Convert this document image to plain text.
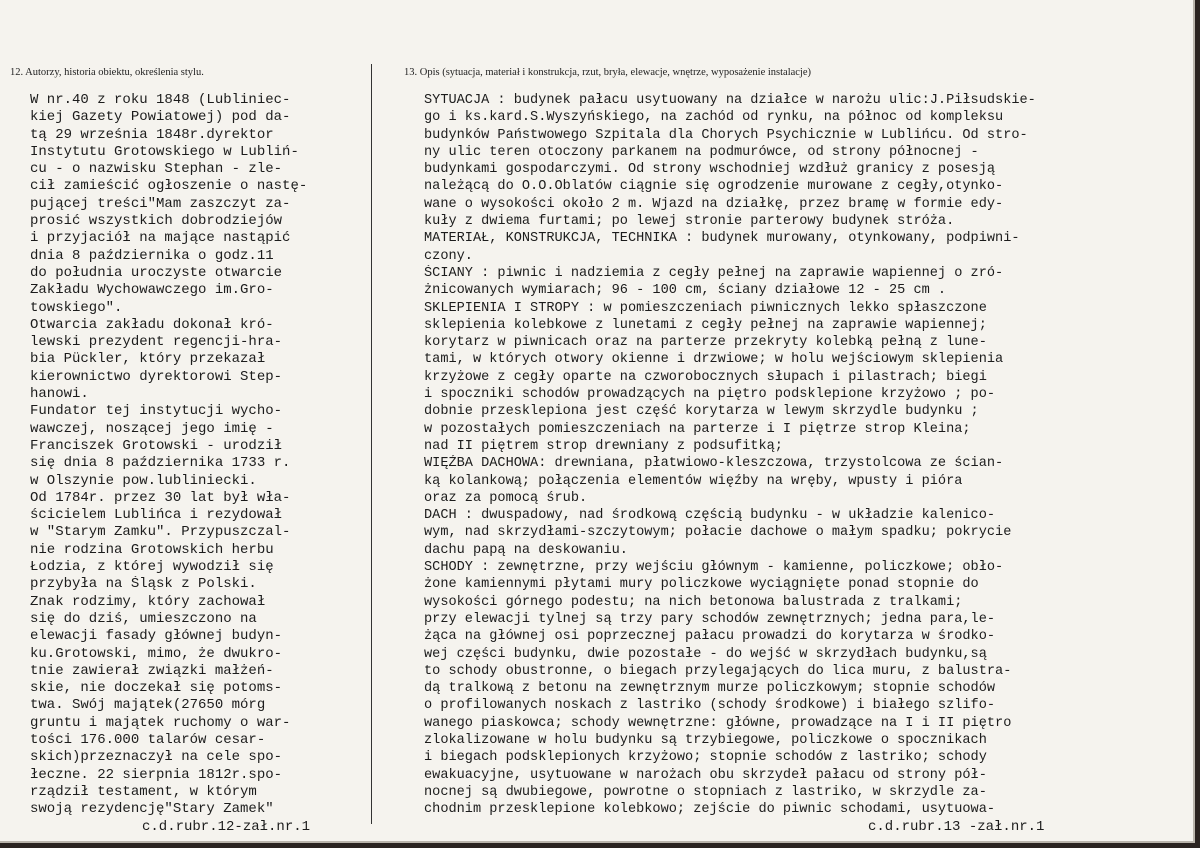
12. Autorzy, historia obiektu, określenia stylu.	13. Opis (sytuacja, materiał i konstrukcja, rzut, bryła, elewacje, wnętrze, wyposażenie instalacje)
W nr.40 z roku 1848 (Lubliniec-
kiej Gazety Powiatowej) pod da-
tą 29 września 1848r.dyrektor
Instytutu Grotowskiego w Lubliń-
cu - o nazwisku Stephan - zle-
cił zamieścić ogłoszenie o nastę-
pującej treści"Mam zaszczyt za-
prosić wszystkich dobrodziejów
i przyjaciół na mające nastąpić
dnia 8 października o godz.11
do południa uroczyste otwarcie
Zakładu Wychowawczego im.Gro-
towskiego".
Otwarcia zakładu dokonał kró-
lewski prezydent regencji-hra-
bia Pückler, który przekazał
kierownictwo dyrektorowi Step-
hanowi.
Fundator tej instytucji wycho-
wawczej, noszącej jego imię -
Franciszek Grotowski - urodził
się dnia 8 października 1733 r.
w Olszynie pow.lubliniecki.
Od 1784r. przez 30 lat był wła-
ścicielem Lublińca i rezydował
w "Starym Zamku". Przypuszczal-
nie rodzina Grotowskich herbu
Łodzia, z której wywodził się
przybyła na Śląsk z Polski.
Znak rodzimy, który zachował
się do dziś, umieszczono na
elewacji fasady głównej budyn-
ku.Grotowski, mimo, że dwukro-
tnie zawierał związki małżeń-
skie, nie doczekał się potoms-
twa. Swój majątek(27650 mórg
gruntu i majątek ruchomy o war-
tości 176.000 talarów cesar-
skich)przeznaczył na cele spo-
łeczne. 22 sierpnia 1812r.spo-
rządził testament, w którym
swoją rezydencję"Stary Zamek"
SYTUACJA : budynek pałacu usytuowany na działce w narożu ulic:J.Piłsudskie-
go i ks.kard.S.Wyszyńskiego, na zachód od rynku, na północ od kompleksu
budynków Państwowego Szpitala dla Chorych Psychicznie w Lublińcu. Od stro-
ny ulic teren otoczony parkanem na podmurówce, od strony północnej -
budynkami gospodarczymi. Od strony wschodniej wzdłuż granicy z posesją
należącą do O.O.Oblatów ciągnie się ogrodzenie murowane z cegły,otynko-
wane o wysokości około 2 m. Wjazd na działkę, przez bramę w formie edy-
kuły z dwiema furtami; po lewej stronie parterowy budynek stróża.
MATERIAŁ, KONSTRUKCJA, TECHNIKA : budynek murowany, otynkowany, podpiwni-
czony.
ŚCIANY : piwnic i nadziemia z cegły pełnej na zaprawie wapiennej o zró-
żnicowanych wymiarach; 96 - 100 cm, ściany działowe 12 - 25 cm .
SKLEPIENIA I STROPY : w pomieszczeniach piwnicznych lekko spłaszczone
sklepienia kolebkowe z lunetami z cegły pełnej na zaprawie wapiennej;
korytarz w piwnicach oraz na parterze przekryty kolebką pełną z lune-
tami, w których otwory okienne i drzwiowe; w holu wejściowym sklepienia
krzyżowe z cegły oparte na czworobocznych słupach i pilastrach; biegi
i spoczniki schodów prowadzących na piętro podsklepione krzyżowo ; po-
dobnie przesklepiona jest część korytarza w lewym skrzydle budynku ;
w pozostałych pomieszczeniach na parterze i I piętrze strop Kleina;
nad II piętrem strop drewniany z podsufitką;
WIĘŹBA DACHOWA: drewniana, płatwiowo-kleszczowa, trzystolcowa ze ścian-
ką kolankową; połączenia elementów więźby na wręby, wpusty i pióra
oraz za pomocą śrub.
DACH : dwuspadowy, nad środkową częścią budynku - w układzie kalenico-
wym, nad skrzydłami-szczytowym; połacie dachowe o małym spadku; pokrycie
dachu papą na deskowaniu.
SCHODY : zewnętrzne, przy wejściu głównym - kamienne, policzkowe; obło-
żone kamiennymi płytami mury policzkowe wyciągnięte ponad stopnie do
wysokości górnego podestu; na nich betonowa balustrada z tralkami;
przy elewacji tylnej są trzy pary schodów zewnętrznych; jedna para,le-
żąca na głównej osi poprzecznej pałacu prowadzi do korytarza w środko-
wej części budynku, dwie pozostałe - do wejść w skrzydłach budynku,są
to schody obustronne, o biegach przylegających do lica muru, z balustra-
dą tralkową z betonu na zewnętrznym murze policzkowym; stopnie schodów
o profilowanych noskach z lastriko (schody środkowe) i białego szlifo-
wanego piaskowca; schody wewnętrzne: główne, prowadzące na I i II piętro
zlokalizowane w holu budynku są trzybiegowe, policzkowe o spocznikach
i biegach podsklepionych krzyżowo; stopnie schodów z lastriko; schody
ewakuacyjne, usytuowane w narożach obu skrzydeł pałacu od strony pół-
nocnej są dwubiegowe, powrotne o stopniach z lastriko, w skrzydle za-
chodnim przesklepione kolebkowo; zejście do piwnic schodami, usytuowa-
c.d.rubr.12-zał.nr.1	c.d.rubr.13 -zał.nr.1
